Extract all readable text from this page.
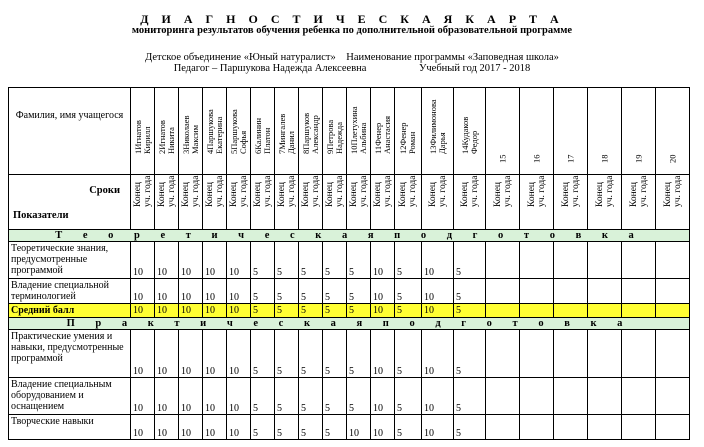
Д И А Г Н О С Т И Ч Е С К А Я К А Р Т А
мониторинга результатов обучения ребенка по дополнительной образовательной программе
Детское объединение «Юный натуралист» Наименование программы «Заповедная школа»
Педагог – Паршукова Надежда Алексеевна	Учебный год 2017 - 2018
Фамилия, имя учащегося	1Игнатов Кирилл	2Игнатов Никита	3Николаев Максим	4Паршукова Екатерина	5Паршукова Софья	6Калинин Платон	7Мингалев Данил	8Паршуков Александр	9Петрова Надежда	10Плетухина Альбина	11Фенер Анастасия	12Фенер Роман	13Филимонова Дарья	14Кудаков Федор	15	16	17	18	19	20

Сроки
Показатели	Конец
уч. года	Конец
уч. года	Конец
уч. года	Конец
уч. года	Конец
уч. года	Конец
уч. года	Конец
уч. года	Конец
уч. года	Конец
уч. года	Конец
уч. года	Конец
уч. года	Конец
уч. года	Конец
уч. года	Конец
уч. года	Конец
уч. года	Конец
уч. года	Конец
уч. года	Конец
уч. года	Конец
уч. года	Конец
уч. года

Т е о р е т и ч е с к а я п о д г о т о в к а																				
Теоретические знания, предусмотренные программой	10	10	10	10	10	5	5	5	5	5	10	5	10	5						
Владение специальной терминологией	10	10	10	10	10	5	5	5	5	5	10	5	10	5						
Средний балл	10	10	10	10	10	5	5	5	5	5	10	5	10	5						
П р а к т и ч е с к а я п о д г о т о в к а																				
Практические умения и навыки, предусмотренные программой	10	10	10	10	10	5	5	5	5	5	10	5	10	5						
Владение специальным оборудованием и оснащением	10	10	10	10	10	5	5	5	5	5	10	5	10	5						
Творческие навыки	10	10	10	10	10	5	5	5	5	10	10	5	10	5						
